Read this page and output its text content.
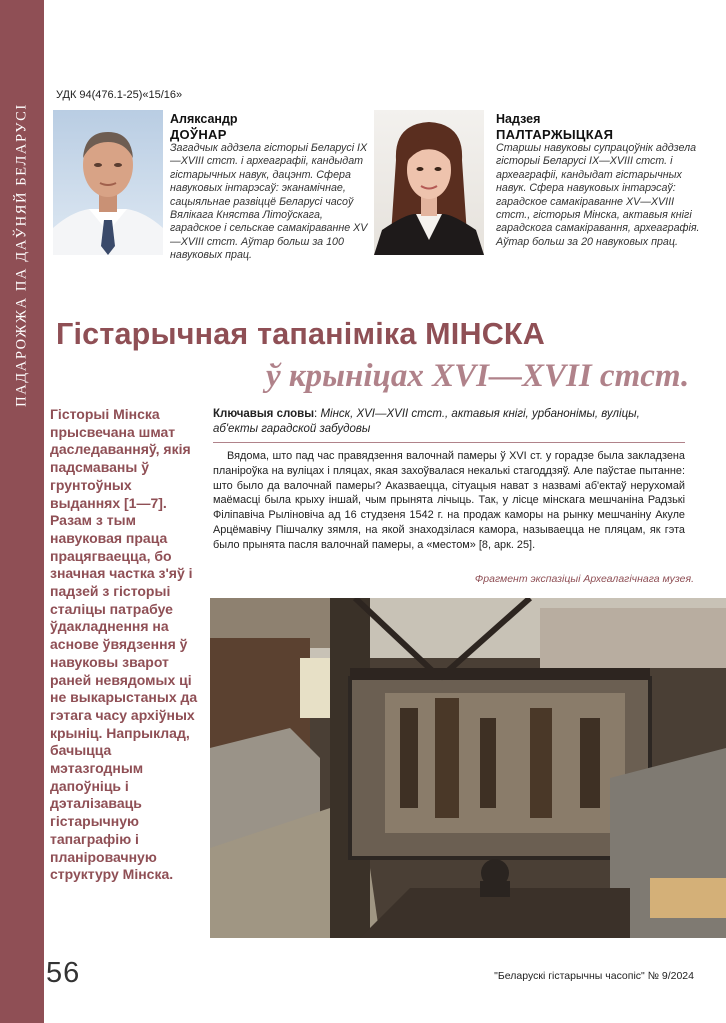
ПАДАРОЖЖА ПА ДАЎНЯЙ БЕЛАРУСІ
УДК 94(476.1-25)«15/16»
Аляксандр
ДОЎНАР
Загадчык аддзела гісторыі Беларусі IX—XVIII стст. і археаграфіі, кандыдат гістарычных навук, дацэнт. Сфера навуковых інтарэсаў: эканамічнае, сацыяльнае развіццё Беларусі часоў Вялікага Княства Літоўскага, гарадское і сельскае самакіраванне XV—XVIII стст. Аўтар больш за 100 навуковых прац.
Надзея
ПАЛТАРЖЫЦКАЯ
Старшы навуковы супрацоўнік аддзела гісторыі Беларусі IX—XVIII стст. і археаграфіі, кандыдат гістарычных навук. Сфера навуковых інтарэсаў: гарадское самакіраванне XV—XVIII стст., гісторыя Мінска, актавыя кнігі гарадскога самакіравання, археаграфія. Аўтар больш за 20 навуковых прац.
Гістарычная тапаніміка МІНСКА
ў крыніцах XVI—XVII стст.
Гісторыі Мінска прысвечана шмат даследаванняў, якія падсмаваны ў грунтоўных выданнях [1—7]. Разам з тым навуковая праца працягваецца, бо значная частка з'яў і падзей з гісторыі сталіцы патрабуе ўдакладнення на аснове ўвядзення ў навуковы зварот раней невядомых ці не выкарыстаных да гэтага часу архіўных крыніц. Напрыклад, бачыцца мэтазгодным дапоўніць і дэталізаваць гістарычную тапаграфію і планіровачную структуру Мінска.
Ключавыя словы: Мінск, XVI—XVII стст., актавыя кнігі, урбанонімы, вуліцы, аб'екты гарадской забудовы
Вядома, што пад час правядзення валочнай памеры ў XVI ст. у горадзе была закладзена планіроўка на вуліцах і пляцах, якая захоўвалася некалькі стагоддзяў. Але паўстае пытанне: што было да валочнай памеры? Аказваецца, сітуацыя нават з назвамі аб'ектаў нерухомай маёмасці была крыху іншай, чым прынята лічыць. Так, у лісце мінскага мешчаніна Радзькі Філіпавіча Рылiновіча ад 16 студзеня 1542 г. на продаж каморы на рынку мешчаніну Акуле Арцёмавічу Пішчалку зямля, на якой знаходзілася камора, называецца не пляцам, як гэта было прынята пасля валочнай памеры, а «местом» [8, арк. 25].
Фрагмент экспазіцыі Археалагічнага музея.
56	"Беларускі гістарычны часопіс" № 9/2024
